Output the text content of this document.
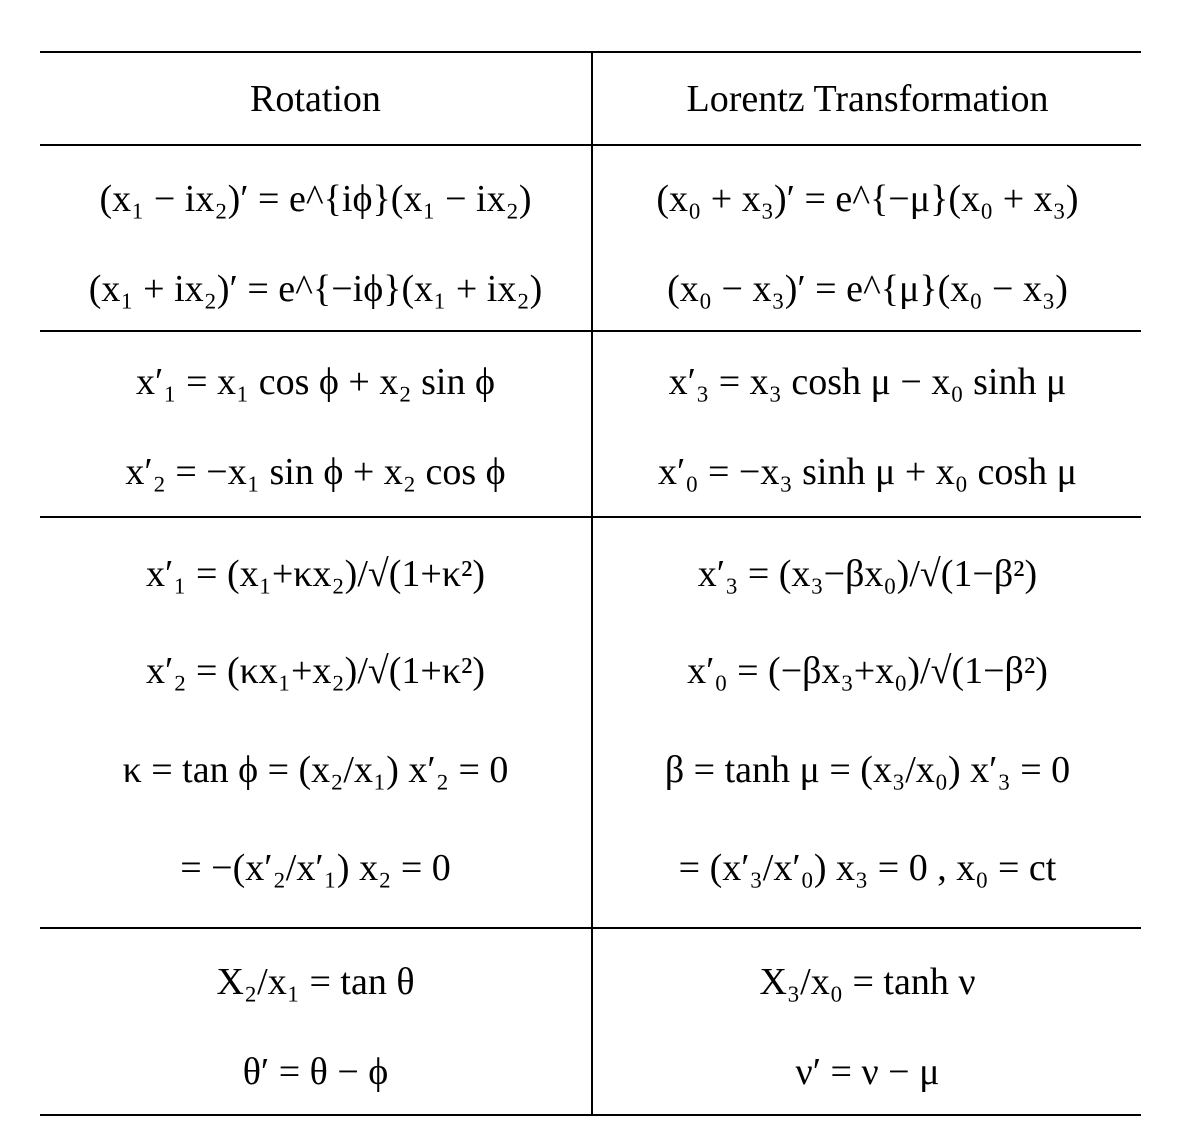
Rotation	Lorentz Transformation
(x₁ − ix₂)′ = e^{iϕ}(x₁ − ix₂)
(x₁ + ix₂)′ = e^{−iϕ}(x₁ + ix₂)
(x₀ + x₃)′ = e^{−μ}(x₀ + x₃)
(x₀ − x₃)′ = e^{μ}(x₀ − x₃)
x′₁ = x₁ cos ϕ + x₂ sin ϕ
x′₂ = −x₁ sin ϕ + x₂ cos ϕ
x′₃ = x₃ cosh μ − x₀ sinh μ
x′₀ = −x₃ sinh μ + x₀ cosh μ
x′₁ = (x₁+κx₂)/√(1+κ²)
x′₂ = (κx₁+x₂)/√(1+κ²)
κ = tan ϕ = (x₂/x₁) x′₂ = 0
= −(x′₂/x′₁) x₂ = 0
x′₃ = (x₃−βx₀)/√(1−β²)
x′₀ = (−βx₃+x₀)/√(1−β²)
β = tanh μ = (x₃/x₀) x′₃ = 0
= (x′₃/x′₀) x₃ = 0 , x₀ = ct
X₂/x₁ = tan θ
θ′ = θ − ϕ
X₃/x₀ = tanh ν
ν′ = ν − μ
